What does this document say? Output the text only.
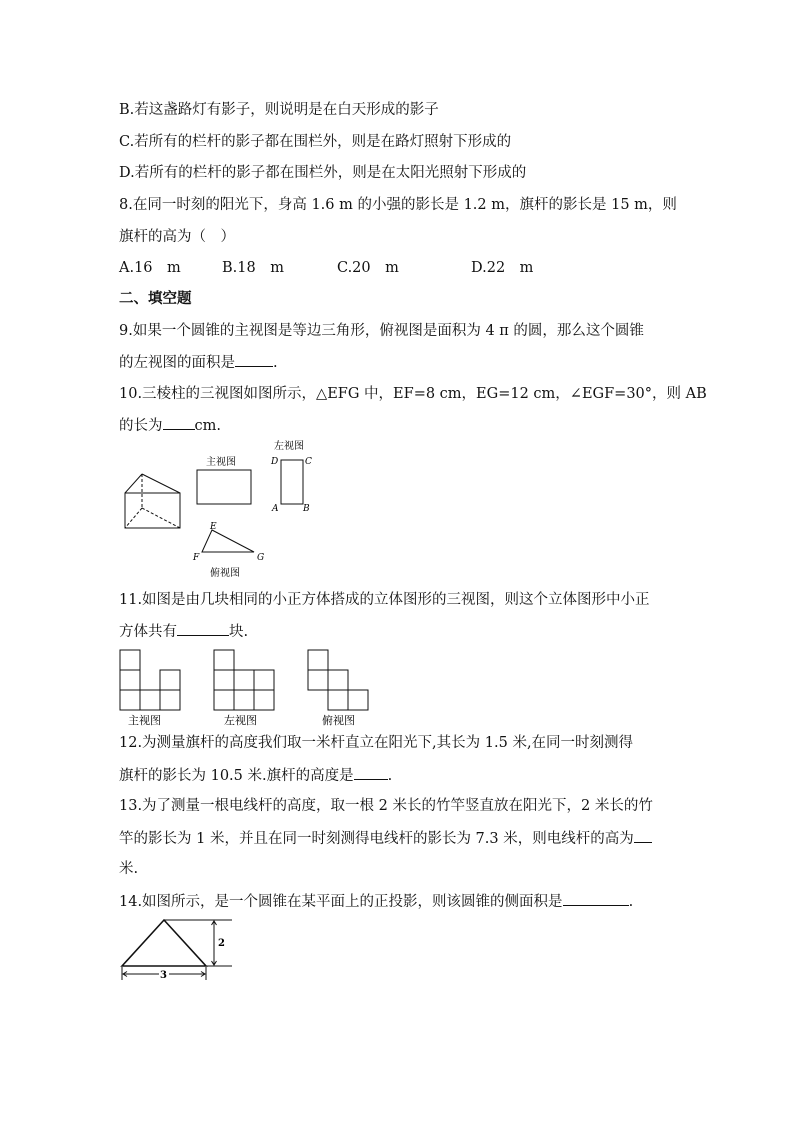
B.若这盏路灯有影子，则说明是在白天形成的影子
C.若所有的栏杆的影子都在围栏外，则是在路灯照射下形成的
D.若所有的栏杆的影子都在围栏外，则是在太阳光照射下形成的
8.在同一时刻的阳光下，身高 1.6 m 的小强的影长是 1.2 m，旗杆的影长是 15 m，则
旗杆的高为（　）
A.16　m	B.18　m	C.20　m	D.22　m
二、填空题
9.如果一个圆锥的主视图是等边三角形，俯视图是面积为 4 π 的圆，那么这个圆锥
的左视图的面积是	.
10.三棱柱的三视图如图所示，△EFG 中，EF=8 cm，EG=12 cm，∠EGF=30°，则 AB
的长为 cm.
主视图
左视图
D	C
A	B
E
F	G
俯视图
11.如图是由几块相同的小正方体搭成的立体图形的三视图，则这个立体图形中小正
方体共有	块.
主视图	左视图	俯视图
12.为测量旗杆的高度我们取一米杆直立在阳光下,其长为 1.5 米,在同一时刻测得
旗杆的影长为 10.5 米.旗杆的高度是 .
13.为了测量一根电线杆的高度，取一根 2 米长的竹竿竖直放在阳光下，2 米长的竹
竿的影长为 1 米，并且在同一时刻测得电线杆的影长为 7.3 米，则电线杆的高为
米.
14.如图所示，是一个圆锥在某平面上的正投影，则该圆锥的侧面积是	.
2
3
